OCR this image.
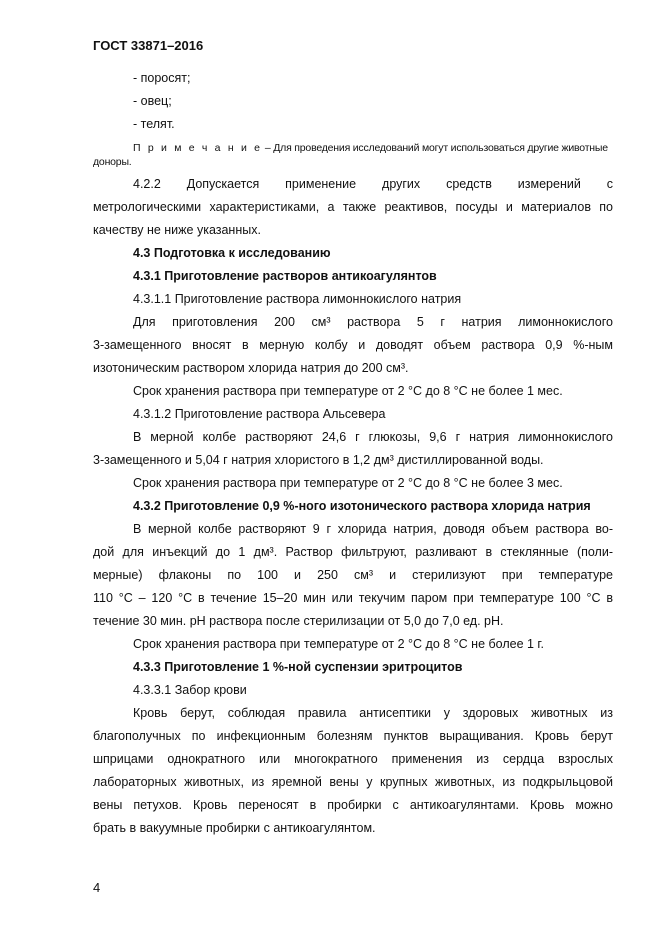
ГОСТ 33871–2016
- поросят;
- овец;
- телят.
П р и м е ч а н и е – Для проведения исследований могут использоваться другие животные
доноры.
4.2.2 Допускается применение других средств измерений с
метрологическими характеристиками, а также реактивов, посуды и материалов по
качеству не ниже указанных.
4.3 Подготовка к исследованию
4.3.1 Приготовление растворов антикоагулянтов
4.3.1.1 Приготовление раствора лимоннокислого натрия
Для приготовления 200 см³ раствора 5 г натрия лимоннокислого
3-замещенного вносят в мерную колбу и доводят объем раствора 0,9 %-ным
изотоническим раствором хлорида натрия до 200 см³.
Срок хранения раствора при температуре от 2 °С до 8 °С не более 1 мес.
4.3.1.2 Приготовление раствора Альсевера
В мерной колбе растворяют 24,6 г глюкозы, 9,6 г натрия лимоннокислого
3-замещенного и 5,04 г натрия хлористого в 1,2 дм³ дистиллированной воды.
Срок хранения раствора при температуре от 2 °С до 8 °С не более 3 мес.
4.3.2 Приготовление 0,9 %-ного изотонического раствора хлорида натрия
В мерной колбе растворяют 9 г хлорида натрия, доводя объем раствора во-
дой для инъекций до 1 дм³. Раствор фильтруют, разливают в стеклянные (поли-
мерные) флаконы по 100 и 250 см³ и стерилизуют при температуре
110 °С – 120 °С в течение 15–20 мин или текучим паром при температуре 100 °С в
течение 30 мин. pH раствора после стерилизации от 5,0 до 7,0 ед. pH.
Срок хранения раствора при температуре от 2 °С до 8 °С не более 1 г.
4.3.3 Приготовление 1 %-ной суспензии эритроцитов
4.3.3.1 Забор крови
Кровь берут, соблюдая правила антисептики у здоровых животных из
благополучных по инфекционным болезням пунктов выращивания. Кровь берут
шприцами однократного или многократного применения из сердца взрослых
лабораторных животных, из яремной вены у крупных животных, из подкрыльцовой
вены петухов. Кровь переносят в пробирки с антикоагулянтами. Кровь можно
брать в вакуумные пробирки с антикоагулянтом.
4
